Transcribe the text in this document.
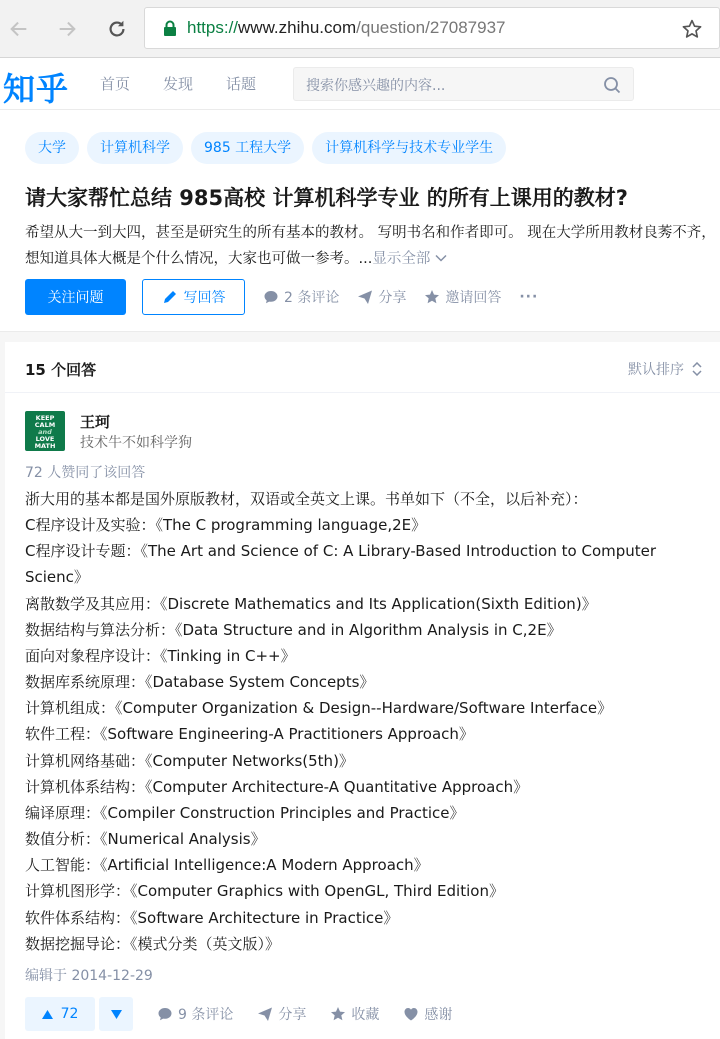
https://www.zhihu.com/question/27087937
知乎 首页 发现 话题	搜索你感兴趣的内容...
大学	计算机科学	985 工程大学	计算机科学与技术专业学生
请大家帮忙总结 985高校 计算机科学专业 的所有上课用的教材?
希望从大一到大四，甚至是研究生的所有基本的教材。 写明书名和作者即可。 现在大学所用教材良莠不齐，想知道具体大概是个什么情况，大家也可做一参考。...显示全部
关注问题	写回答	2 条评论	分享	邀请回答 ···
15 个回答	默认排序
KEEP
CALM
and
LOVE
MATH
王珂
技术牛不如科学狗
72 人赞同了该回答

浙大用的基本都是国外原版教材，双语或全英文上课。书单如下（不全，以后补充）：

C程序设计及实验：《The C programming language,2E》

C程序设计专题：《The Art and Science of C: A Library-Based Introduction to Computer

Scienc》

离散数学及其应用：《Discrete Mathematics and Its Application(Sixth Edition)》

数据结构与算法分析：《Data Structure and in Algorithm Analysis in C,2E》

面向对象程序设计：《Tinking in C++》

数据库系统原理：《Database System Concepts》

计算机组成：《Computer Organization & Design--Hardware/Software Interface》

软件工程：《Software Engineering-A Practitioners Approach》

计算机网络基础：《Computer Networks(5th)》

计算机体系结构：《Computer Architecture-A Quantitative Approach》

编译原理：《Compiler Construction Principles and Practice》

数值分析：《Numerical Analysis》

人工智能：《Artificial Intelligence:A Modern Approach》

计算机图形学：《Computer Graphics with OpenGL, Third Edition》

软件体系结构：《Software Architecture in Practice》

数据挖掘导论：《模式分类（英文版）》

编辑于 2014-12-29
72	9 条评论	分享	收藏	感谢
